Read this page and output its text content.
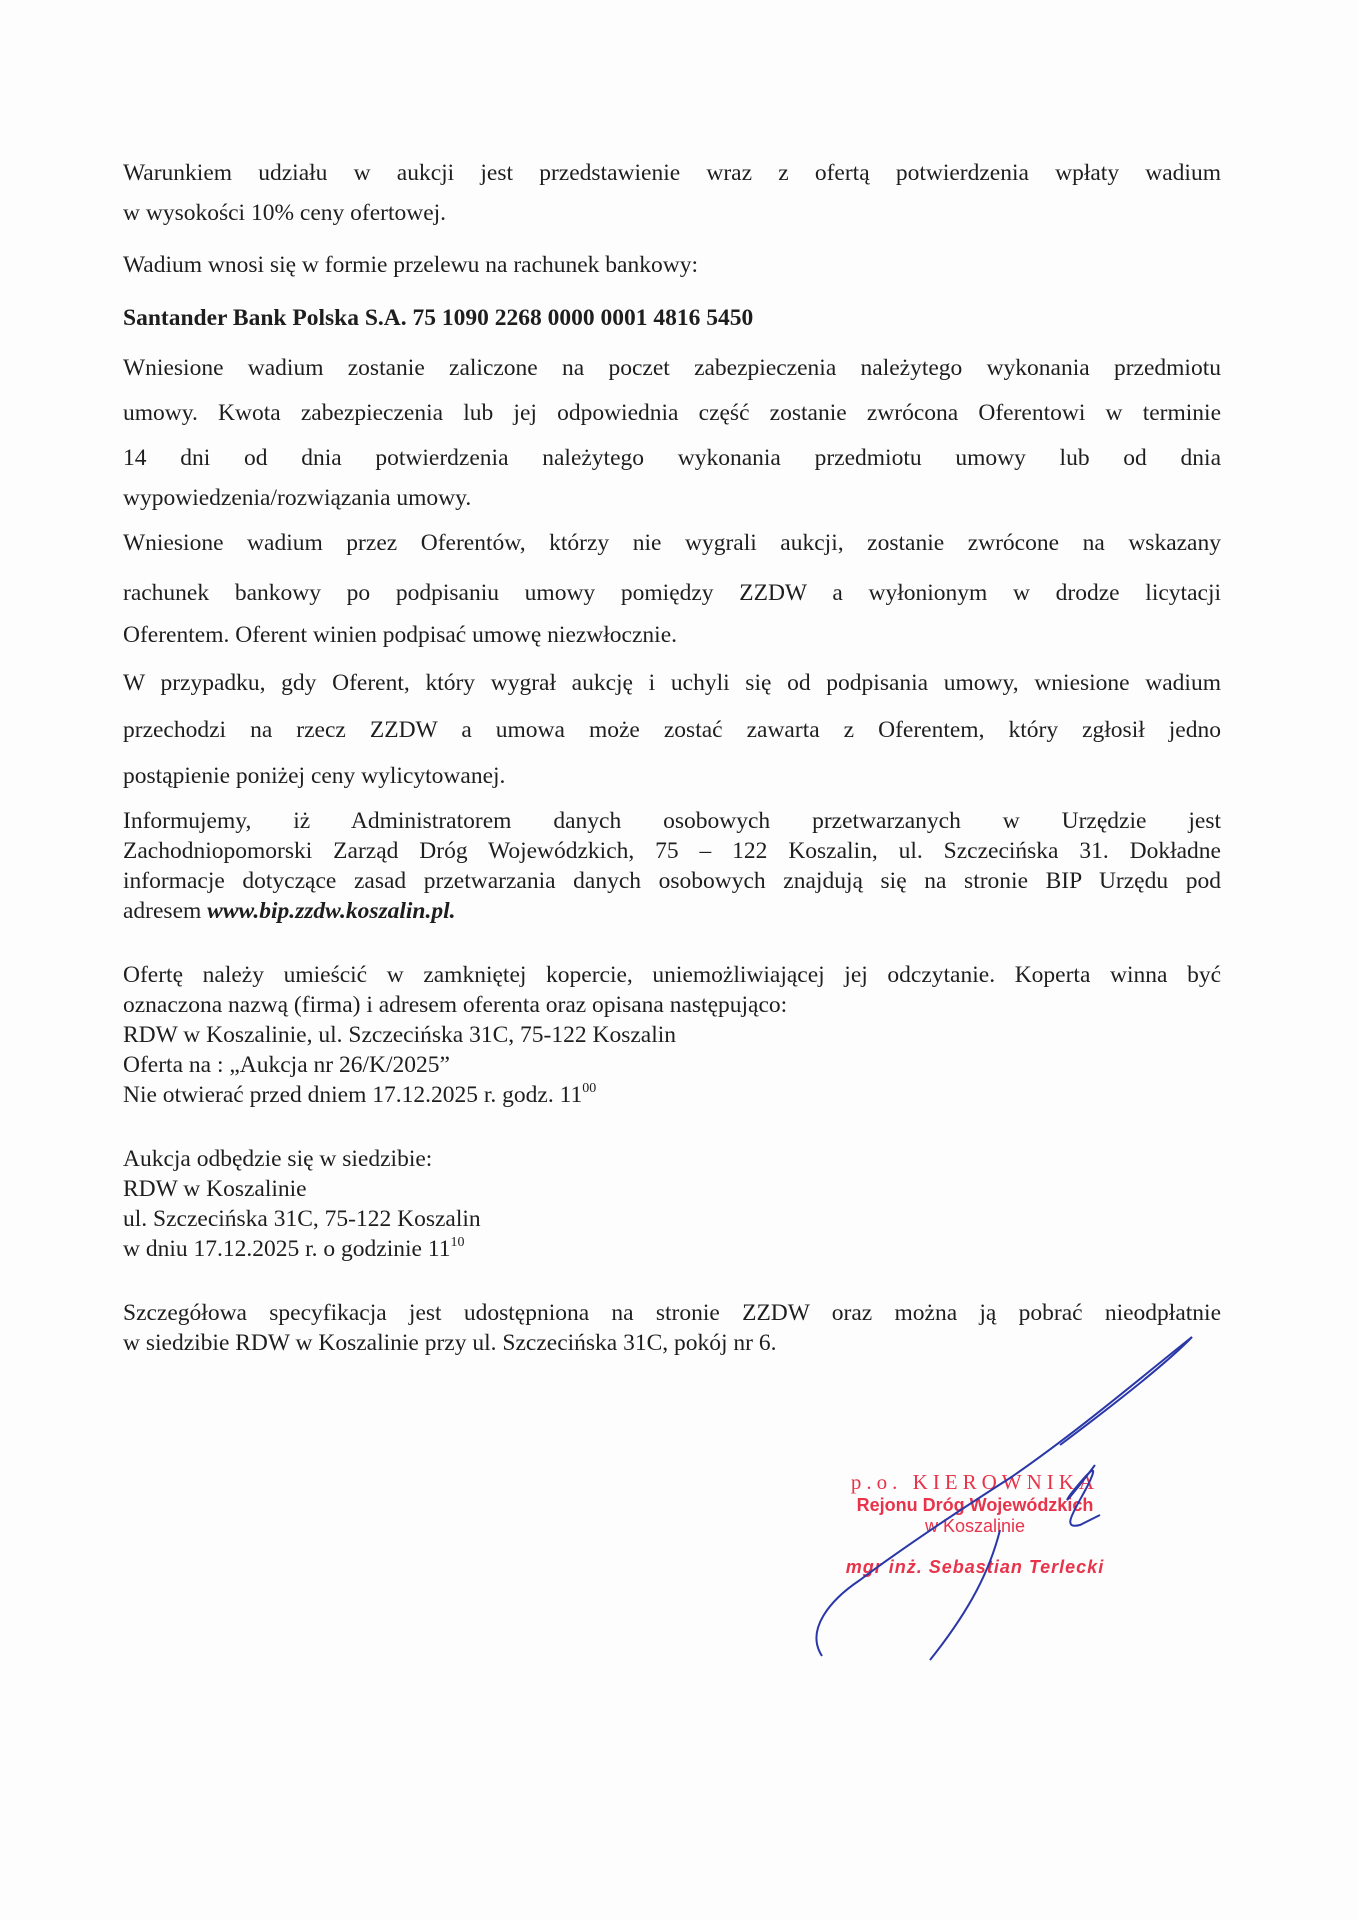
Warunkiem udziału w aukcji jest przedstawienie wraz z ofertą potwierdzenia wpłaty wadium
w wysokości 10% ceny ofertowej.
Wadium wnosi się w formie przelewu na rachunek bankowy:
Santander Bank Polska S.A. 75 1090 2268 0000 0001 4816 5450
Wniesione wadium zostanie zaliczone na poczet zabezpieczenia należytego wykonania przedmiotu
umowy. Kwota zabezpieczenia lub jej odpowiednia część zostanie zwrócona Oferentowi w terminie
14 dni od dnia potwierdzenia należytego wykonania przedmiotu umowy lub od dnia
wypowiedzenia/rozwiązania umowy.
Wniesione wadium przez Oferentów, którzy nie wygrali aukcji, zostanie zwrócone na wskazany
rachunek bankowy po podpisaniu umowy pomiędzy ZZDW a wyłonionym w drodze licytacji
Oferentem. Oferent winien podpisać umowę niezwłocznie.
W przypadku, gdy Oferent, który wygrał aukcję i uchyli się od podpisania umowy, wniesione wadium
przechodzi na rzecz ZZDW a umowa może zostać zawarta z Oferentem, który zgłosił jedno
postąpienie poniżej ceny wylicytowanej.
Informujemy, iż Administratorem danych osobowych przetwarzanych w Urzędzie jest
Zachodniopomorski Zarząd Dróg Wojewódzkich, 75 – 122 Koszalin, ul. Szczecińska 31. Dokładne
informacje dotyczące zasad przetwarzania danych osobowych znajdują się na stronie BIP Urzędu pod
adresem www.bip.zzdw.koszalin.pl.
Ofertę należy umieścić w zamkniętej kopercie, uniemożliwiającej jej odczytanie. Koperta winna być
oznaczona nazwą (firma) i adresem oferenta oraz opisana następująco:
RDW w Koszalinie, ul. Szczecińska 31C, 75-122 Koszalin
Oferta na : „Aukcja nr 26/K/2025”
Nie otwierać przed dniem 17.12.2025 r. godz. $11^{00}$
Aukcja odbędzie się w siedzibie:
RDW w Koszalinie
ul. Szczecińska 31C, 75-122 Koszalin
w dniu 17.12.2025 r. o godzinie $11^{10}$
Szczegółowa specyfikacja jest udostępniona na stronie ZZDW oraz można ją pobrać nieodpłatnie
w siedzibie RDW w Koszalinie przy ul. Szczecińska 31C, pokój nr 6.
p.o. KIEROWNIKA
Rejonu Dróg Wojewódzkich
w Koszalinie
mgr inż. Sebastian Terlecki
